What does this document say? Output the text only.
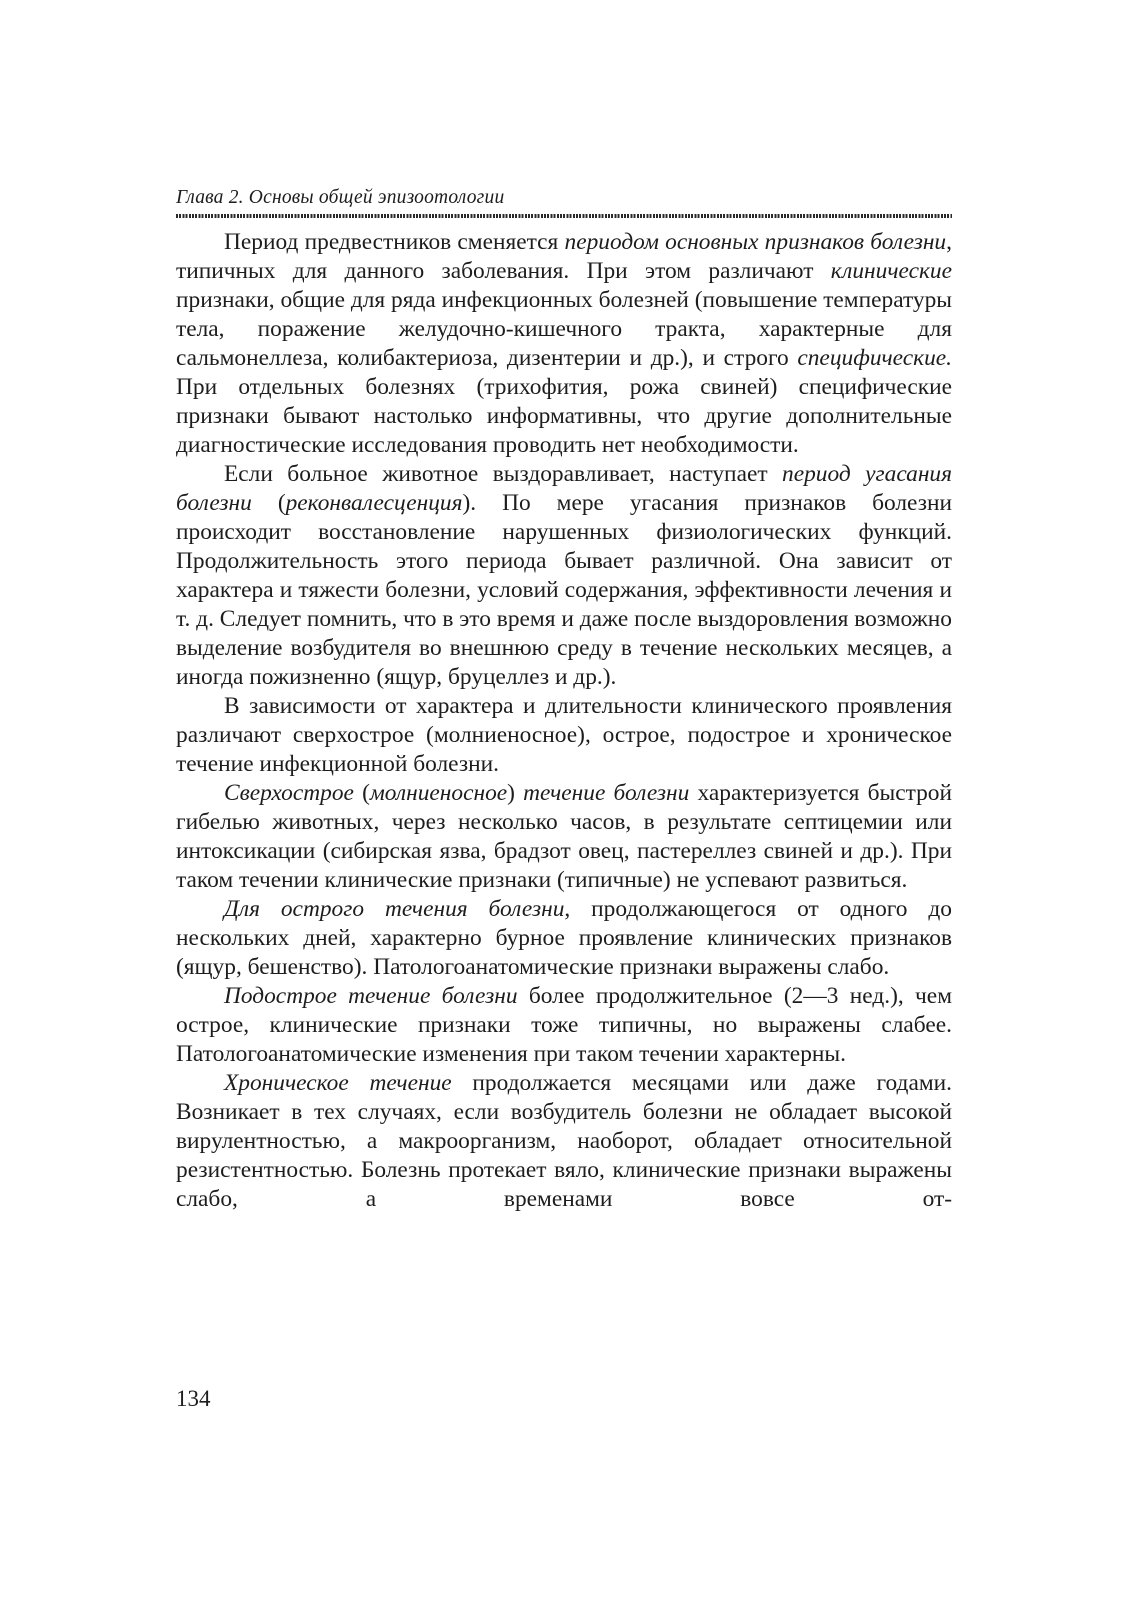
Глава 2. Основы общей эпизоотологии

Период предвестников сменяется периодом основных признаков болезни, типичных для данного заболевания. При этом различают клинические признаки, общие для ряда инфекционных болезней (повышение температуры тела, поражение желудочно-кишечного тракта, характерные для сальмонеллеза, колибактериоза, дизентерии и др.), и строго специфические. При отдельных болезнях (трихофития, рожа свиней) специфические признаки бывают настолько информативны, что другие дополнительные диагностические исследования проводить нет необходимости.

Если больное животное выздоравливает, наступает период угасания болезни (реконвалесценция). По мере угасания признаков болезни происходит восстановление нарушенных физиологических функций. Продолжительность этого периода бывает различной. Она зависит от характера и тяжести болезни, условий содержания, эффективности лечения и т. д. Следует помнить, что в это время и даже после выздоровления возможно выделение возбудителя во внешнюю среду в течение нескольких месяцев, а иногда пожизненно (ящур, бруцеллез и др.).

В зависимости от характера и длительности клинического проявления различают сверхострое (молниеносное), острое, подострое и хроническое течение инфекционной болезни.

Сверхострое (молниеносное) течение болезни характеризуется быстрой гибелью животных, через несколько часов, в результате септицемии или интоксикации (сибирская язва, брадзот овец, пастереллез свиней и др.). При таком течении клинические признаки (типичные) не успевают развиться.

Для острого течения болезни, продолжающегося от одного до нескольких дней, характерно бурное проявление клинических признаков (ящур, бешенство). Патологоанатомические признаки выражены слабо.

Подострое течение болезни более продолжительное (2—3 нед.), чем острое, клинические признаки тоже типичны, но выражены слабее. Патологоанатомические изменения при таком течении характерны.

Хроническое течение продолжается месяцами или даже годами. Возникает в тех случаях, если возбудитель болезни не обладает высокой вирулентностью, а макроорганизм, наоборот, обладает относительной резистентностью. Болезнь протекает вяло, клинические признаки выражены слабо, а временами вовсе от-

134
